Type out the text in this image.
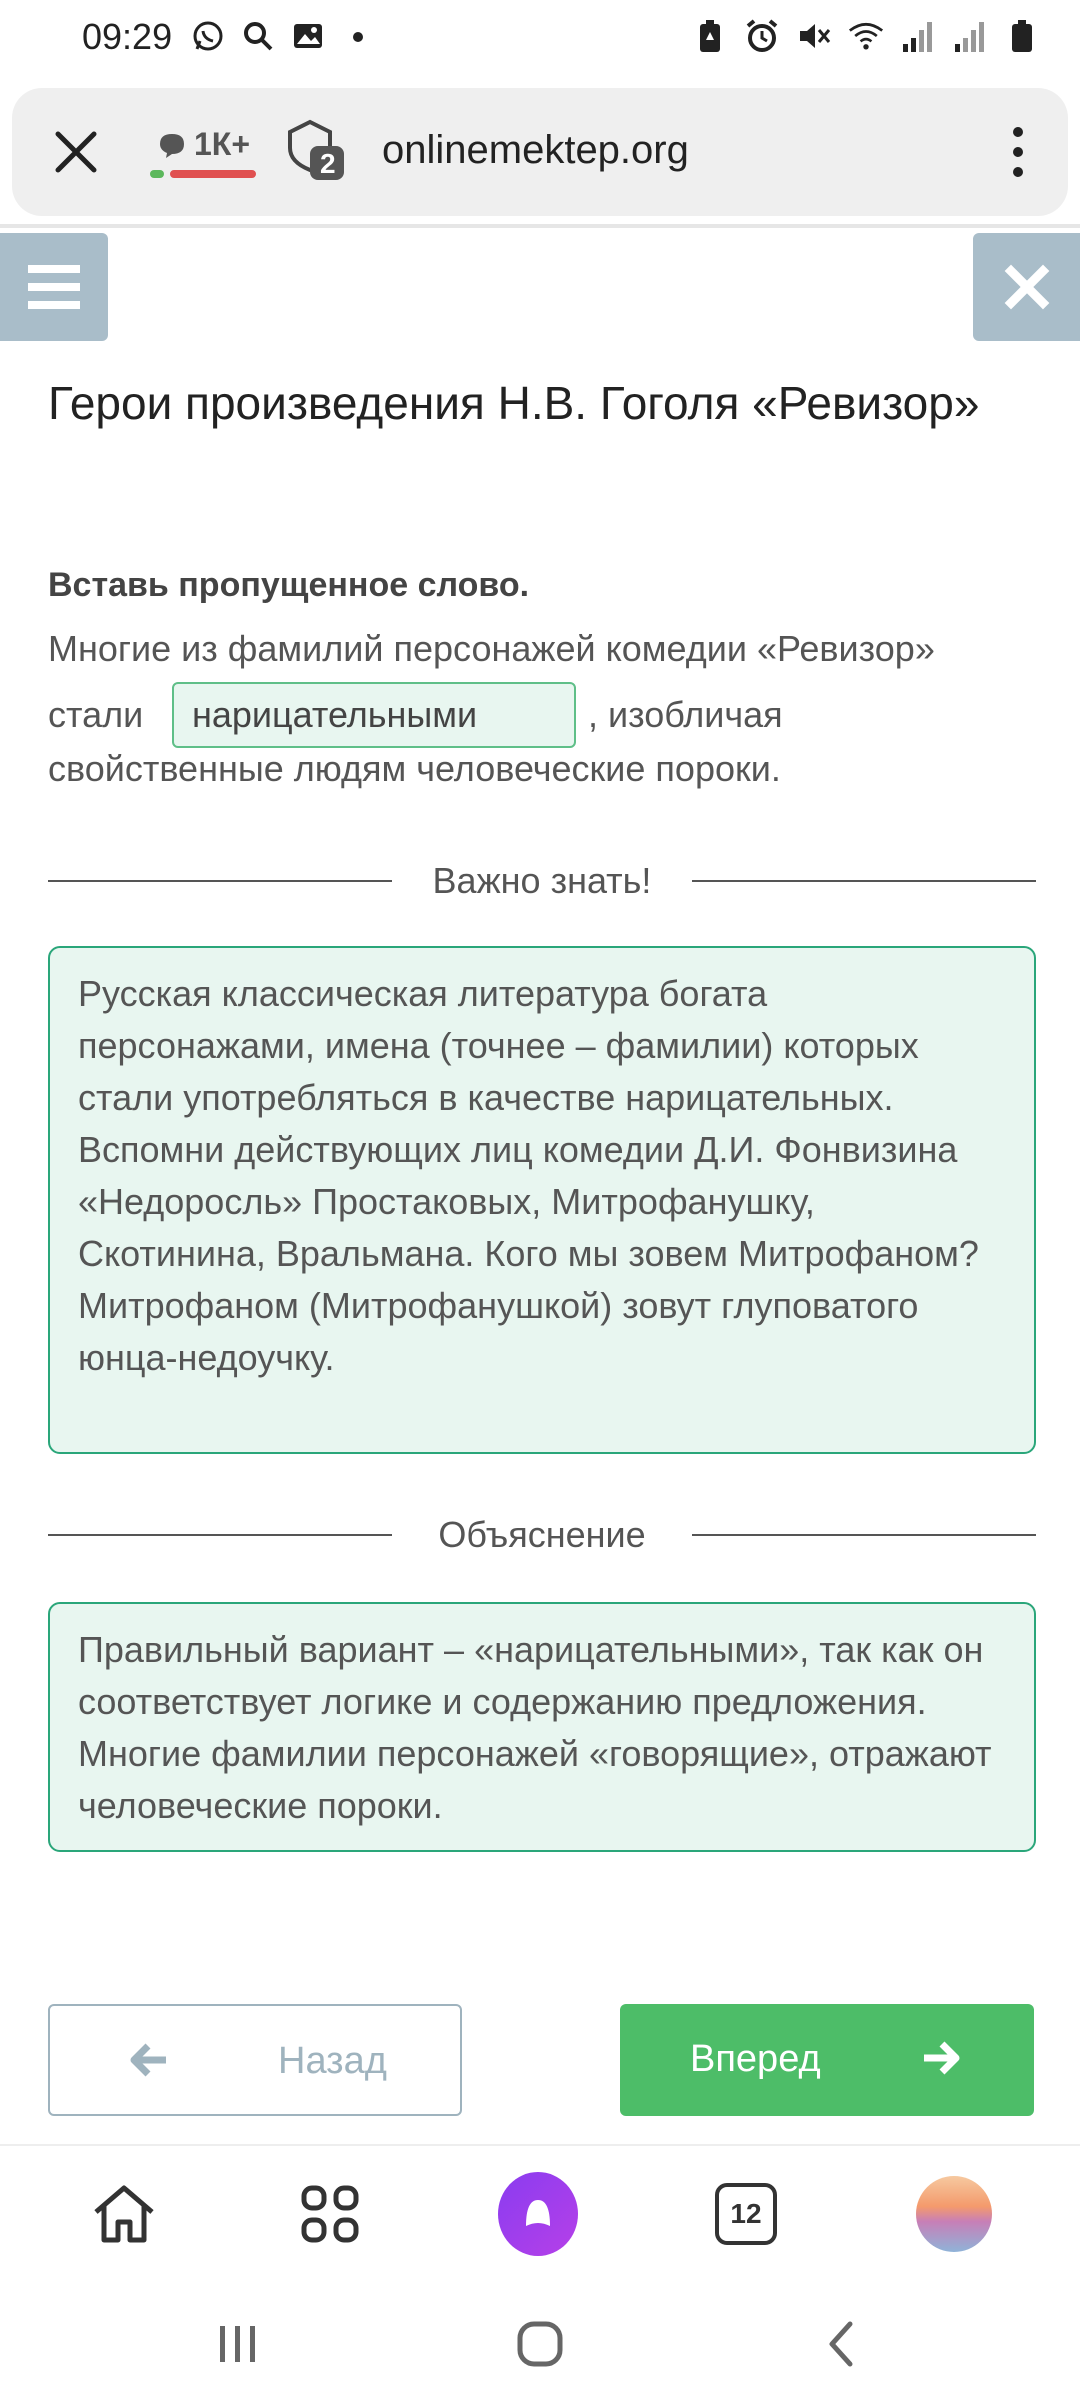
09:29
1К+
2 onlinemektep.org
Герои произведения Н.В. Гоголя «Ревизор»
Вставь пропущенное слово.
Многие из фамилий персонажей комедии «Ревизор»
стали	нарицательными	, изобличая
свойственные людям человеческие пороки.
Важно знать!
Русская классическая литература богата персонажами, имена (точнее – фамилии) которых стали употребляться в качестве нарицательных. Вспомни действующих лиц комедии Д.И. Фонвизина «Недоросль» Простаковых, Митрофанушку, Скотинина, Вральмана. Кого мы зовем Митрофаном? Митрофаном (Митрофанушкой) зовут глуповатого юнца-недоучку.
Объяснение
Правильный вариант – «нарицательными», так как он соответствует логике и содержанию предложения. Многие фамилии персонажей «говорящие», отражают человеческие пороки.
Назад	Вперед
12
